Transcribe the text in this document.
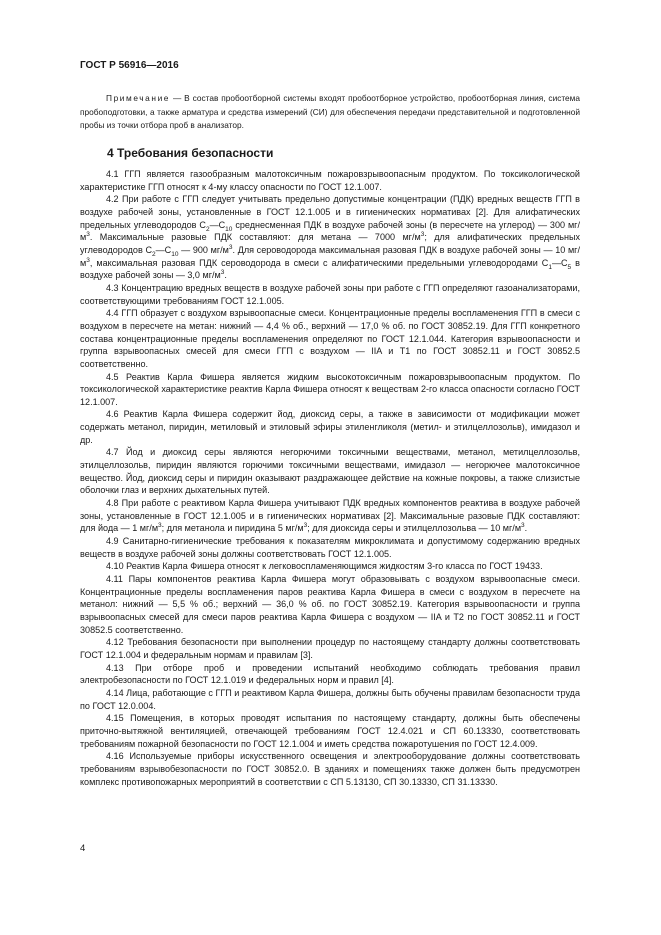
ГОСТ Р 56916—2016
Примечание — В состав пробоотборной системы входят пробоотборное устройство, пробоотборная линия, система пробоподготовки, а также арматура и средства измерений (СИ) для обеспечения передачи представительной и подготовленной пробы из точки отбора проб в анализатор.
4 Требования безопасности

4.1 ГГП является газообразным малотоксичным пожаровзрывоопасным продуктом. По токсикологической характеристике ГГП относят к 4-му классу опасности по ГОСТ 12.1.007.

4.2 При работе с ГГП следует учитывать предельно допустимые концентрации (ПДК) вредных веществ ГГП в воздухе рабочей зоны, установленные в ГОСТ 12.1.005 и в гигиенических нормативах [2]. Для алифатических предельных углеводородов $С_2—С_{10}$ среднесменная ПДК в воздухе рабочей зоны (в пересчете на углерод) — 300 $мг/м^3$. Максимальные разовые ПДК составляют: для метана — 7000 $мг/м^3$; для алифатических предельных углеводородов $С_2—С_{10}$ — 900 $мг/м^3$. Для сероводорода максимальная разовая ПДК в воздухе рабочей зоны — 10 $мг/м^3$, максимальная разовая ПДК сероводорода в смеси с алифатическими предельными углеводородами $С_1—С_5$ в воздухе рабочей зоны — 3,0 $мг/м^3$.

4.3 Концентрацию вредных веществ в воздухе рабочей зоны при работе с ГГП определяют газоанализаторами, соответствующими требованиям ГОСТ 12.1.005.

4.4 ГГП образует с воздухом взрывоопасные смеси. Концентрационные пределы воспламенения ГГП в смеси с воздухом в пересчете на метан: нижний — 4,4 % об., верхний — 17,0 % об. по ГОСТ 30852.19. Для ГГП конкретного состава концентрационные пределы воспламенения определяют по ГОСТ 12.1.044. Категория взрывоопасности и группа взрывоопасных смесей для смеси ГГП с воздухом — IIA и T1 по ГОСТ 30852.11 и ГОСТ 30852.5 соответственно.

4.5 Реактив Карла Фишера является жидким высокотоксичным пожаровзрывоопасным продуктом. По токсикологической характеристике реактив Карла Фишера относят к веществам 2-го класса опасности согласно ГОСТ 12.1.007.

4.6 Реактив Карла Фишера содержит йод, диоксид серы, а также в зависимости от модификации может содержать метанол, пиридин, метиловый и этиловый эфиры этиленгликоля (метил- и этилцеллозольв), имидазол и др.

4.7 Йод и диоксид серы являются негорючими токсичными веществами, метанол, метилцеллозольв, этилцеллозольв, пиридин являются горючими токсичными веществами, имидазол — негорючее малотоксичное вещество. Йод, диоксид серы и пиридин оказывают раздражающее действие на кожные покровы, а также слизистые оболочки глаз и верхних дыхательных путей.

4.8 При работе с реактивом Карла Фишера учитывают ПДК вредных компонентов реактива в воздухе рабочей зоны, установленные в ГОСТ 12.1.005 и в гигиенических нормативах [2]. Максимальные разовые ПДК составляют: для йода — 1 $мг/м^3$; для метанола и пиридина 5 $мг/м^3$; для диоксида серы и этилцеллозольва — 10 $мг/м^3$.

4.9 Санитарно-гигиенические требования к показателям микроклимата и допустимому содержанию вредных веществ в воздухе рабочей зоны должны соответствовать ГОСТ 12.1.005.

4.10 Реактив Карла Фишера относят к легковоспламеняющимся жидкостям 3-го класса по ГОСТ 19433.

4.11 Пары компонентов реактива Карла Фишера могут образовывать с воздухом взрывоопасные смеси. Концентрационные пределы воспламенения паров реактива Карла Фишера в смеси с воздухом в пересчете на метанол: нижний — 5,5 % об.; верхний — 36,0 % об. по ГОСТ 30852.19. Категория взрывоопасности и группа взрывоопасных смесей для смеси паров реактива Карла Фишера с воздухом — IIA и T2 по ГОСТ 30852.11 и ГОСТ 30852.5 соответственно.

4.12 Требования безопасности при выполнении процедур по настоящему стандарту должны соответствовать ГОСТ 12.1.004 и федеральным нормам и правилам [3].

4.13 При отборе проб и проведении испытаний необходимо соблюдать требования правил электробезопасности по ГОСТ 12.1.019 и федеральных норм и правил [4].

4.14 Лица, работающие с ГГП и реактивом Карла Фишера, должны быть обучены правилам безопасности труда по ГОСТ 12.0.004.

4.15 Помещения, в которых проводят испытания по настоящему стандарту, должны быть обеспечены приточно-вытяжной вентиляцией, отвечающей требованиям ГОСТ 12.4.021 и СП 60.13330, соответствовать требованиям пожарной безопасности по ГОСТ 12.1.004 и иметь средства пожаротушения по ГОСТ 12.4.009.

4.16 Используемые приборы искусственного освещения и электрооборудование должны соответствовать требованиям взрывобезопасности по ГОСТ 30852.0. В зданиях и помещениях также должен быть предусмотрен комплекс противопожарных мероприятий в соответствии с СП 5.13130, СП 30.13330, СП 31.13330.

4
